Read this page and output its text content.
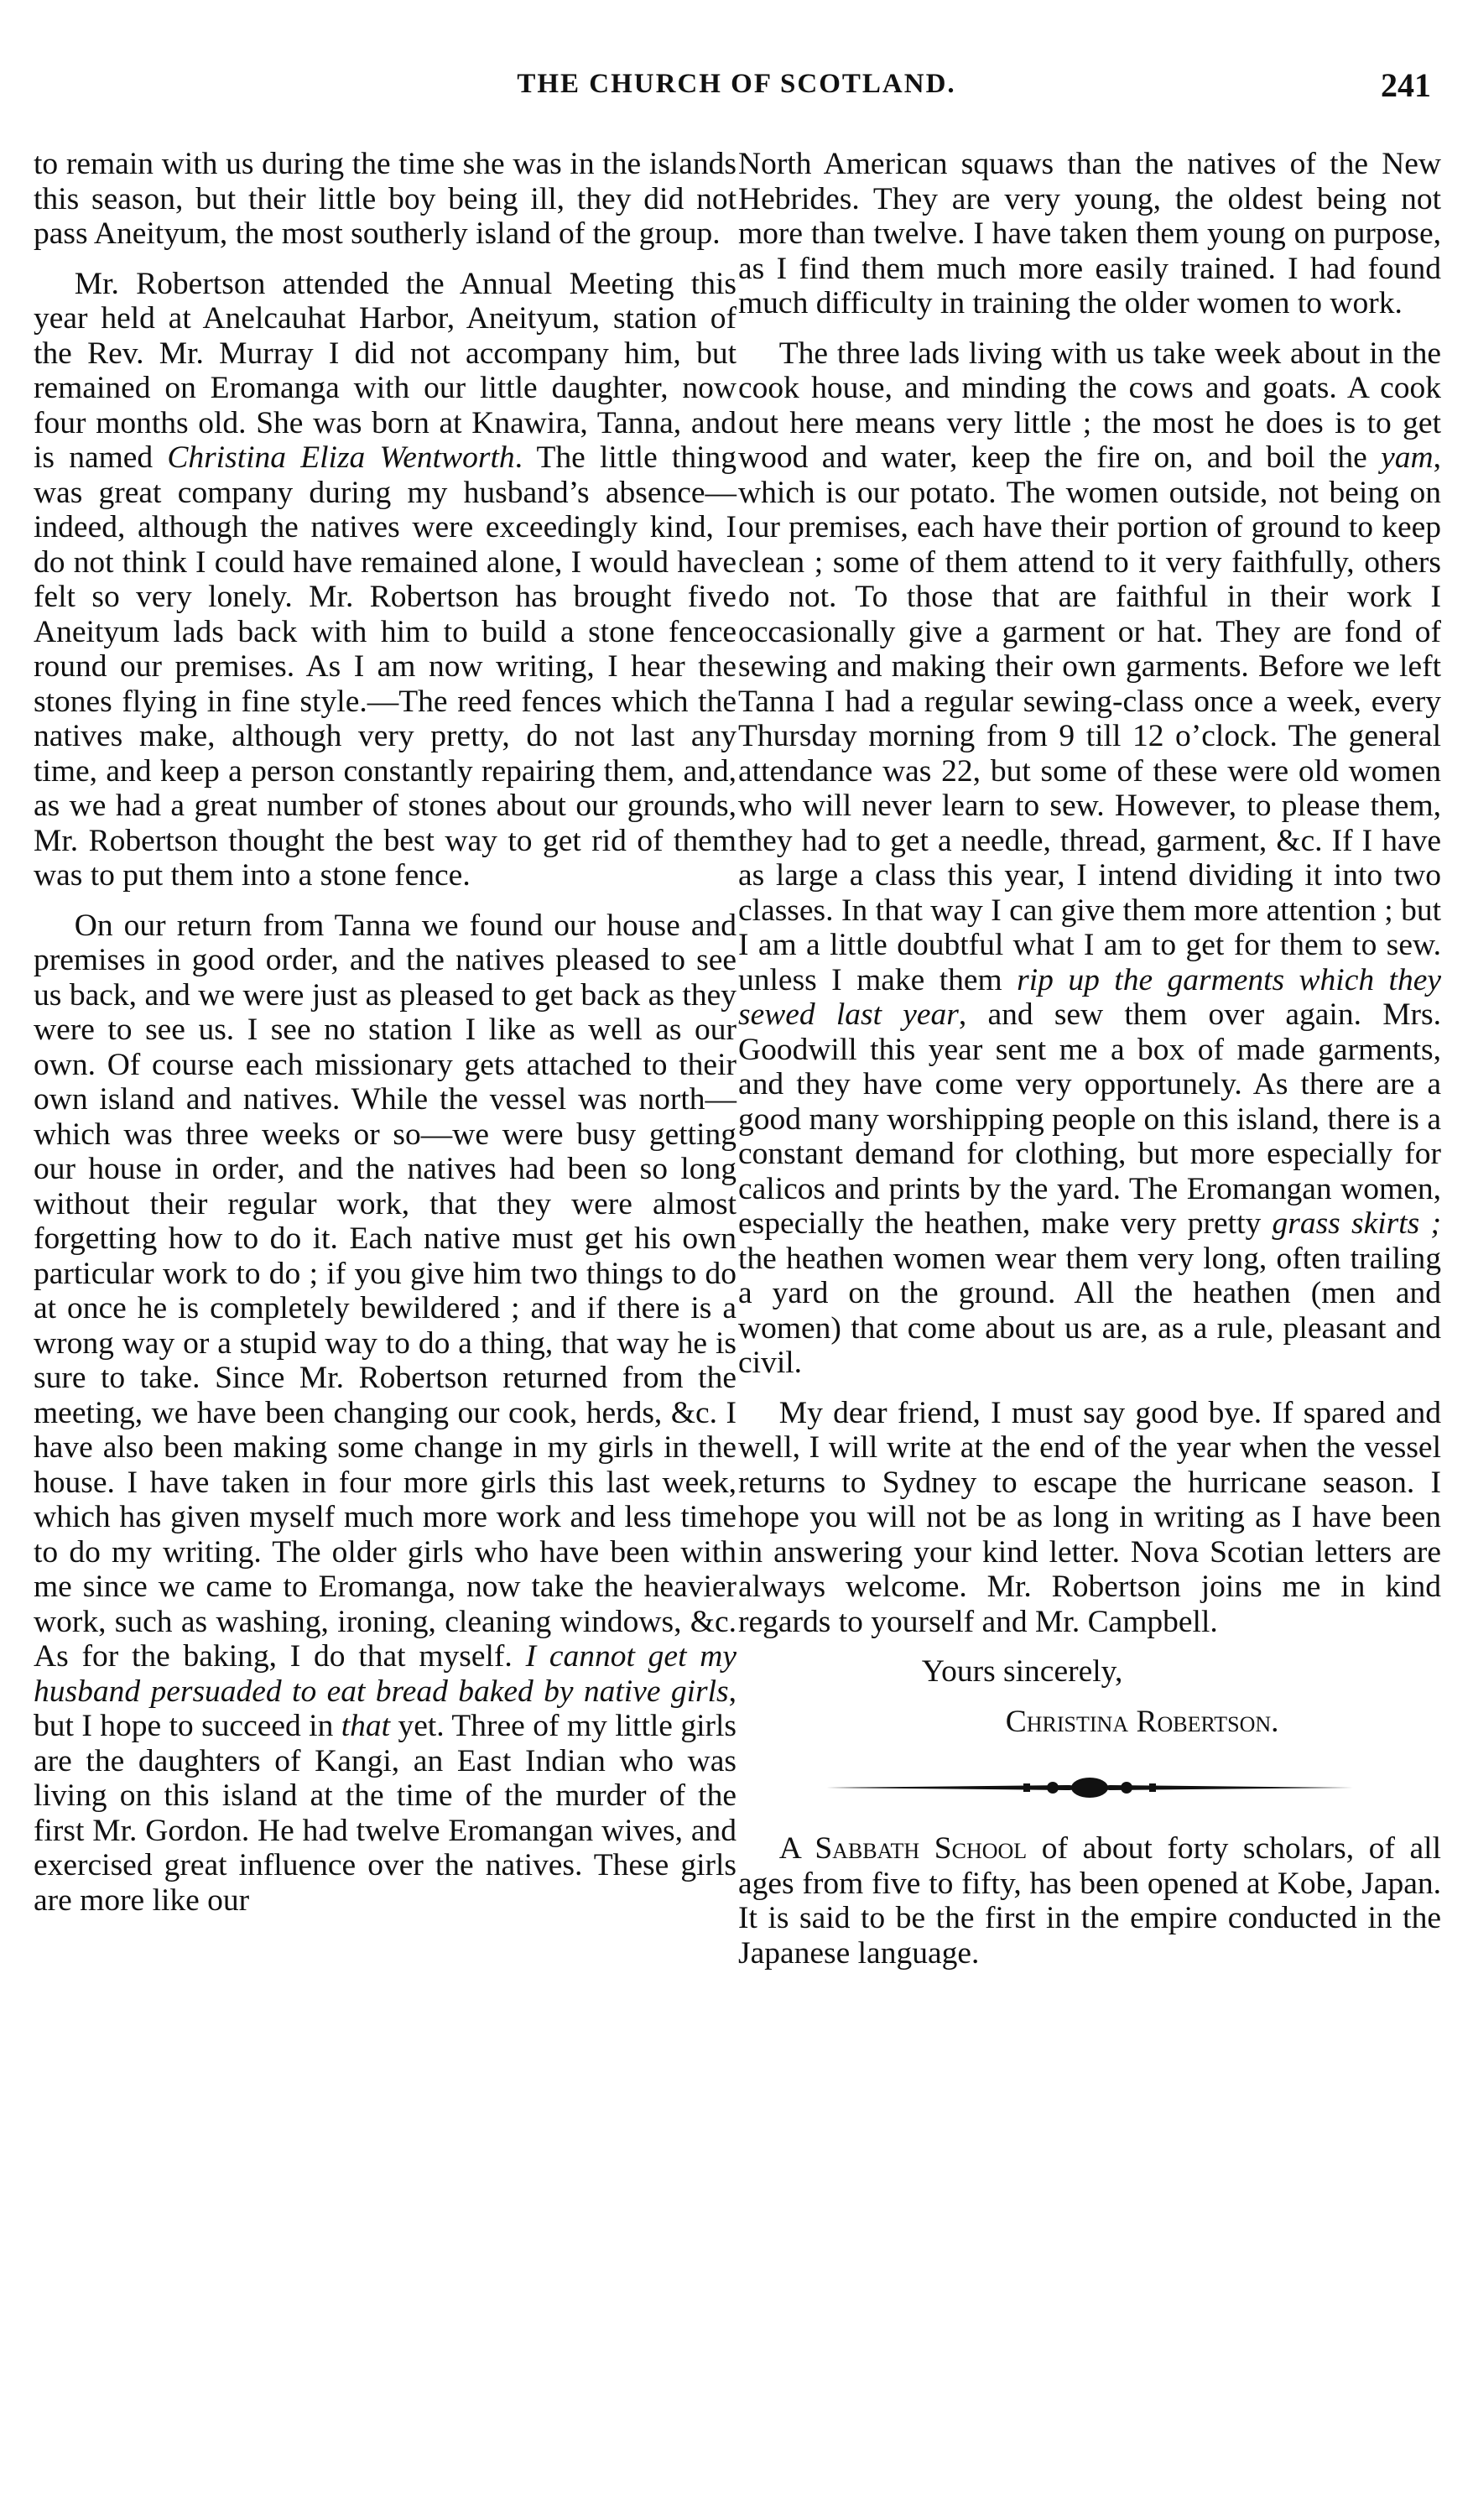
THE CHURCH OF SCOTLAND.	241

to remain with us during the time she was in the islands this season, but their little boy being ill, they did not pass Aneityum, the most southerly island of the group.

Mr. Robertson attended the Annual Meeting this year held at Anelcauhat Harbor, Aneityum, station of the Rev. Mr. Murray I did not accompany him, but remained on Eromanga with our little daughter, now four months old. She was born at Knawira, Tanna, and is named Christina Eliza Wentworth. The little thing was great company during my husband’s absence—indeed, although the natives were exceedingly kind, I do not think I could have remained alone, I would have felt so very lonely. Mr. Robertson has brought five Aneityum lads back with him to build a stone fence round our premises. As I am now writing, I hear the stones flying in fine style.—The reed fences which the natives make, although very pretty, do not last any time, and keep a person constantly repairing them, and, as we had a great number of stones about our grounds, Mr. Robertson thought the best way to get rid of them was to put them into a stone fence.

On our return from Tanna we found our house and premises in good order, and the natives pleased to see us back, and we were just as pleased to get back as they were to see us. I see no station I like as well as our own. Of course each missionary gets attached to their own island and natives. While the vessel was north—which was three weeks or so—we were busy getting our house in order, and the natives had been so long without their regular work, that they were almost forgetting how to do it. Each native must get his own particular work to do ; if you give him two things to do at once he is completely bewildered ; and if there is a wrong way or a stupid way to do a thing, that way he is sure to take. Since Mr. Robertson returned from the meeting, we have been changing our cook, herds, &c. I have also been making some change in my girls in the house. I have taken in four more girls this last week, which has given myself much more work and less time to do my writing. The older girls who have been with me since we came to Eromanga, now take the heavier work, such as washing, ironing, cleaning windows, &c. As for the baking, I do that myself. I cannot get my husband persuaded to eat bread baked by native girls, but I hope to succeed in that yet. Three of my little girls are the daughters of Kangi, an East Indian who was living on this island at the time of the murder of the first Mr. Gordon. He had twelve Eromangan wives, and exercised great influence over the natives. These girls are more like our

North American squaws than the natives of the New Hebrides. They are very young, the oldest being not more than twelve. I have taken them young on purpose, as I find them much more easily trained. I had found much difficulty in training the older women to work.

The three lads living with us take week about in the cook house, and minding the cows and goats. A cook out here means very little ; the most he does is to get wood and water, keep the fire on, and boil the yam, which is our potato. The women outside, not being on our premises, each have their portion of ground to keep clean ; some of them attend to it very faithfully, others do not. To those that are faithful in their work I occasionally give a garment or hat. They are fond of sewing and making their own garments. Before we left Tanna I had a regular sewing-class once a week, every Thursday morning from 9 till 12 o’clock. The general attendance was 22, but some of these were old women who will never learn to sew. However, to please them, they had to get a needle, thread, garment, &c. If I have as large a class this year, I intend dividing it into two classes. In that way I can give them more attention ; but I am a little doubtful what I am to get for them to sew. unless I make them rip up the garments which they sewed last year, and sew them over again. Mrs. Goodwill this year sent me a box of made garments, and they have come very opportunely. As there are a good many worshipping people on this island, there is a constant demand for clothing, but more especially for calicos and prints by the yard. The Eromangan women, especially the heathen, make very pretty grass skirts ; the heathen women wear them very long, often trailing a yard on the ground. All the heathen (men and women) that come about us are, as a rule, pleasant and civil.

My dear friend, I must say good bye. If spared and well, I will write at the end of the year when the vessel returns to Sydney to escape the hurricane season. I hope you will not be as long in writing as I have been in answering your kind letter. Nova Scotian letters are always welcome. Mr. Robertson joins me in kind regards to yourself and Mr. Campbell.

Yours sincerely,

Christina Robertson.

A Sabbath School of about forty scholars, of all ages from five to fifty, has been opened at Kobe, Japan. It is said to be the first in the empire conducted in the Japanese language.
